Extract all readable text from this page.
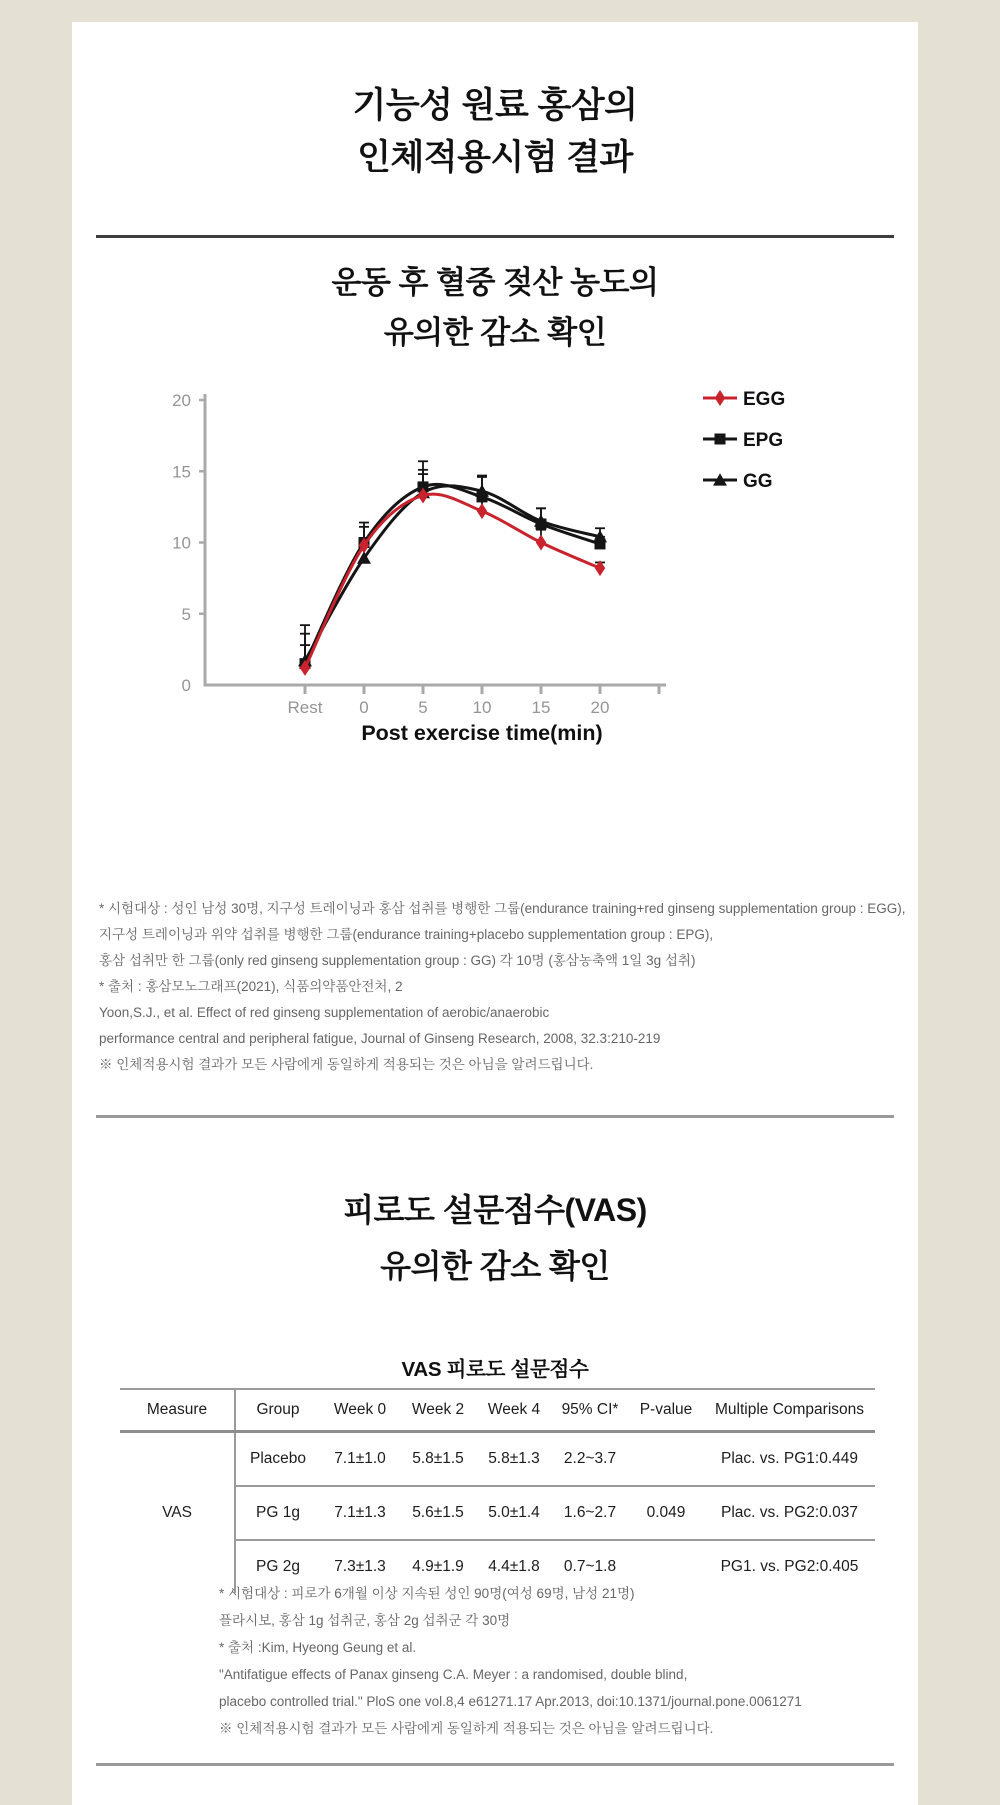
기능성 원료 홍삼의
인체적용시험 결과
운동 후 혈중 젖산 농도의
유의한 감소 확인
0
5
10
15
20
Rest 0	5	10 15 20
Post exercise time(min)
EGG
EPG
GG

* 시험대상 : 성인 남성 30명, 지구성 트레이닝과 홍삼 섭취를 병행한 그룹(endurance training+red ginseng supplementation group : EGG),

지구성 트레이닝과 위약 섭취를 병행한 그룹(endurance training+placebo supplementation group : EPG),

홍삼 섭취만 한 그룹(only red ginseng supplementation group : GG) 각 10명 (홍삼농축액 1일 3g 섭취)

* 출처 : 홍삼모노그래프(2021), 식품의약품안전처, 2

Yoon,S.J., et al. Effect of red ginseng supplementation of aerobic/anaerobic

performance central and peripheral fatigue, Journal of Ginseng Research, 2008, 32.3:210-219

※ 인체적용시험 결과가 모든 사람에게 동일하게 적용되는 것은 아님을 알려드립니다.

피로도 설문점수(VAS)
유의한 감소 확인
VAS 피로도 설문점수
Measure	Group	Week 0	Week 2	Week 4	95% CI*	P-value	Multiple Comparisons
VAS	Placebo	7.1±1.0	5.8±1.5	5.8±1.3	2.2~3.7		Plac. vs. PG1:0.449
	PG 1g	7.1±1.3	5.6±1.5	5.0±1.4	1.6~2.7	0.049	Plac. vs. PG2:0.037
	PG 2g	7.3±1.3	4.9±1.9	4.4±1.8	0.7~1.8		PG1. vs. PG2:0.405

* 시험대상 : 피로가 6개월 이상 지속된 성인 90명(여성 69명, 남성 21명)

플라시보, 홍삼 1g 섭취군, 홍삼 2g 섭취군 각 30명

* 출처 :Kim, Hyeong Geung et al.

"Antifatigue effects of Panax ginseng C.A. Meyer : a randomised, double blind,

placebo controlled trial." PloS one vol.8,4 e61271.17 Apr.2013, doi:10.1371/journal.pone.0061271

※ 인체적용시험 결과가 모든 사람에게 동일하게 적용되는 것은 아님을 알려드립니다.
